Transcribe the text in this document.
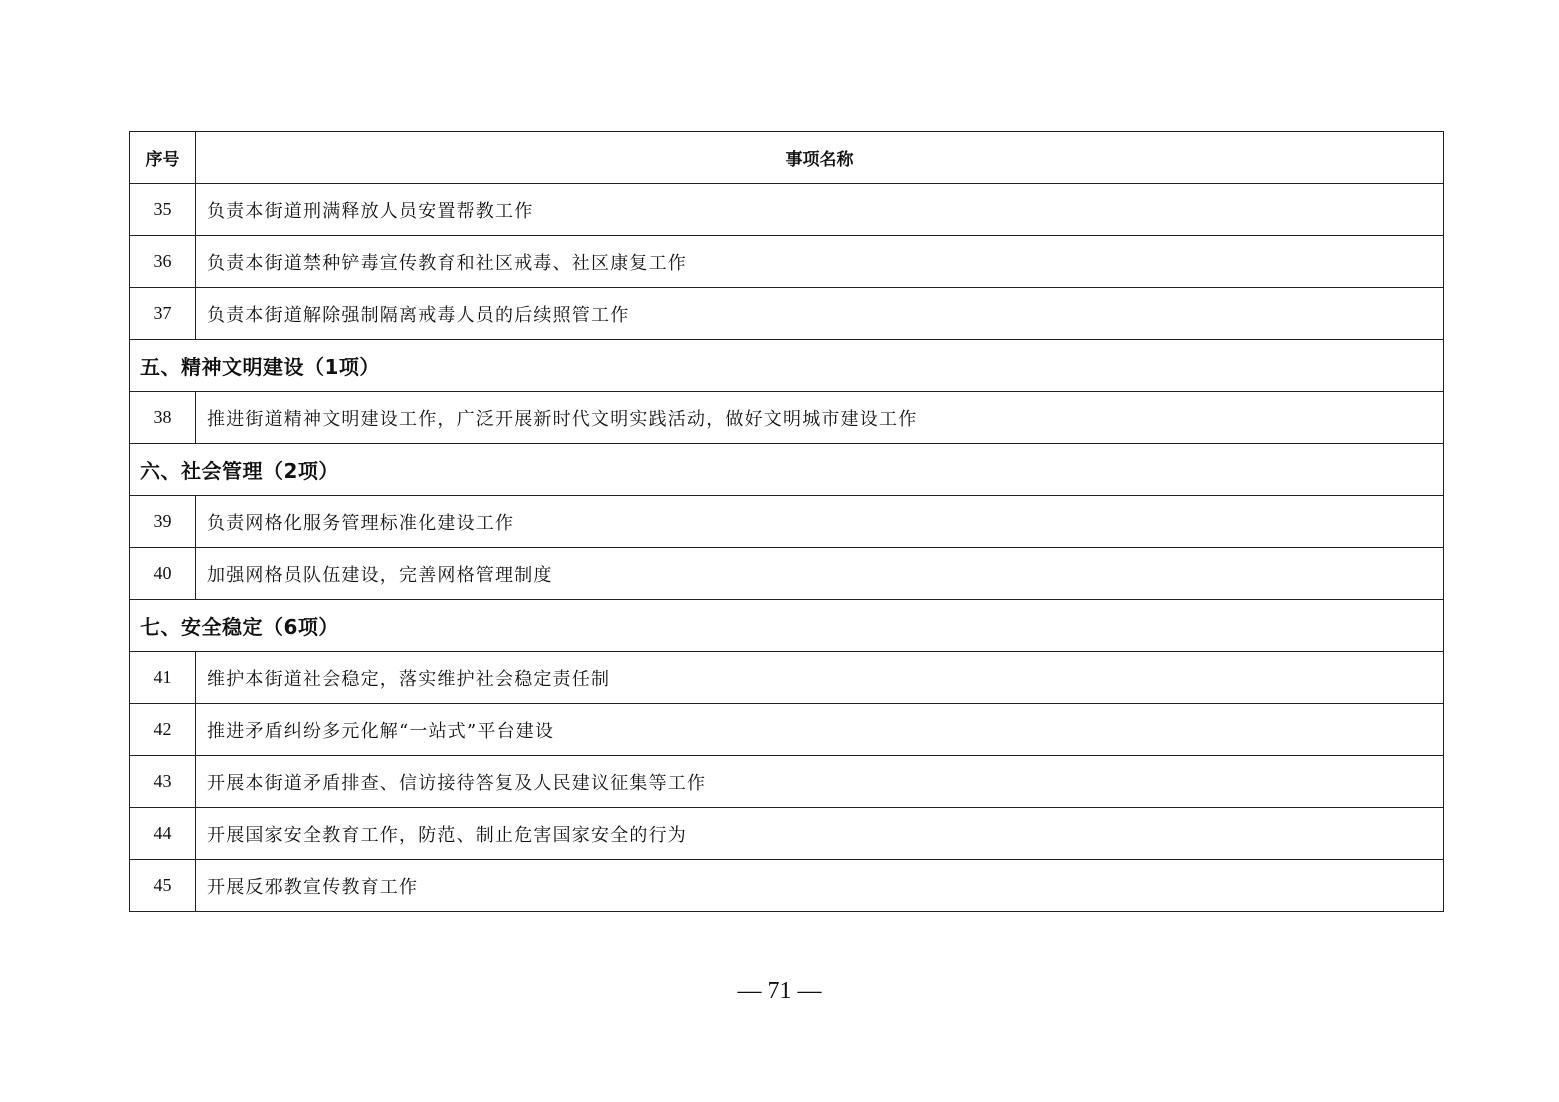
序号	事项名称
35	负责本街道刑满释放人员安置帮教工作
36	负责本街道禁种铲毒宣传教育和社区戒毒、社区康复工作
37	负责本街道解除强制隔离戒毒人员的后续照管工作
五、精神文明建设（1项）	
38	推进街道精神文明建设工作，广泛开展新时代文明实践活动，做好文明城市建设工作
六、社会管理（2项）	
39	负责网格化服务管理标准化建设工作
40	加强网格员队伍建设，完善网格管理制度
七、安全稳定（6项）	
41	维护本街道社会稳定，落实维护社会稳定责任制
42	推进矛盾纠纷多元化解“一站式”平台建设
43	开展本街道矛盾排查、信访接待答复及人民建议征集等工作
44	开展国家安全教育工作，防范、制止危害国家安全的行为
45	开展反邪教宣传教育工作
— 71 —
